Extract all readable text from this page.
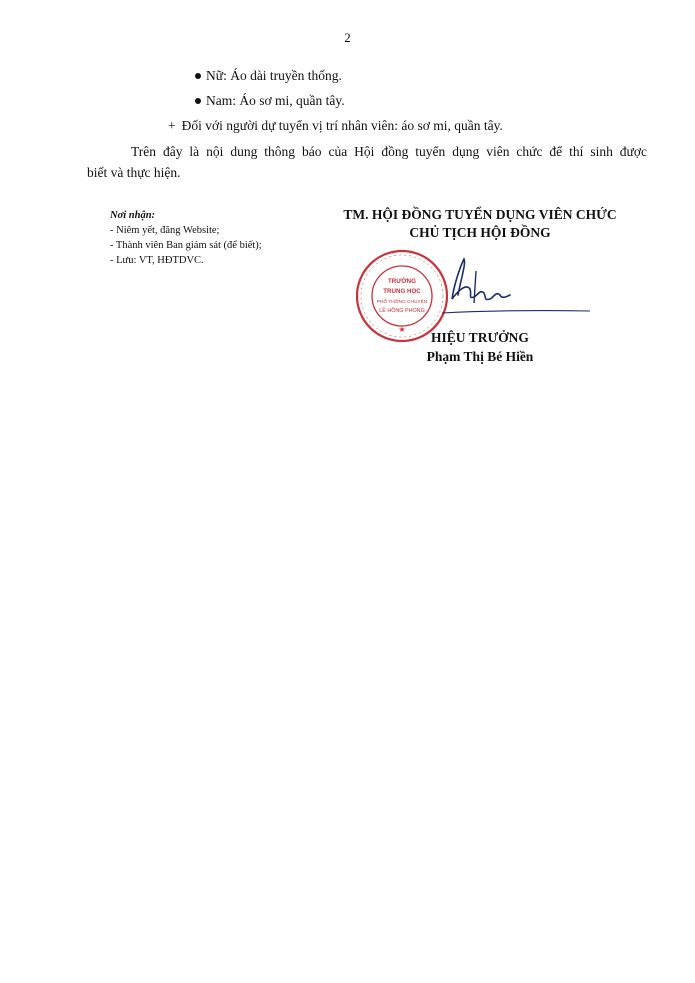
2
Nữ: Áo dài truyền thống.
Nam: Áo sơ mi, quần tây.
+ Đối với người dự tuyển vị trí nhân viên: áo sơ mi, quần tây.
Trên đây là nội dung thông báo của Hội đồng tuyển dụng viên chức để thí sinh được
biết và thực hiện.
Nơi nhận:
- Niêm yết, đăng Website;
- Thành viên Ban giám sát (để biết);
- Lưu: VT, HĐTDVC.
TM. HỘI ĐỒNG TUYỂN DỤNG VIÊN CHỨC
CHỦ TỊCH HỘI ĐỒNG
★
TRƯỜNG
TRUNG HỌC
PHỔ THÔNG CHUYÊN
LÊ HỒNG PHONG
HIỆU TRƯỞNG
Phạm Thị Bé Hiền
